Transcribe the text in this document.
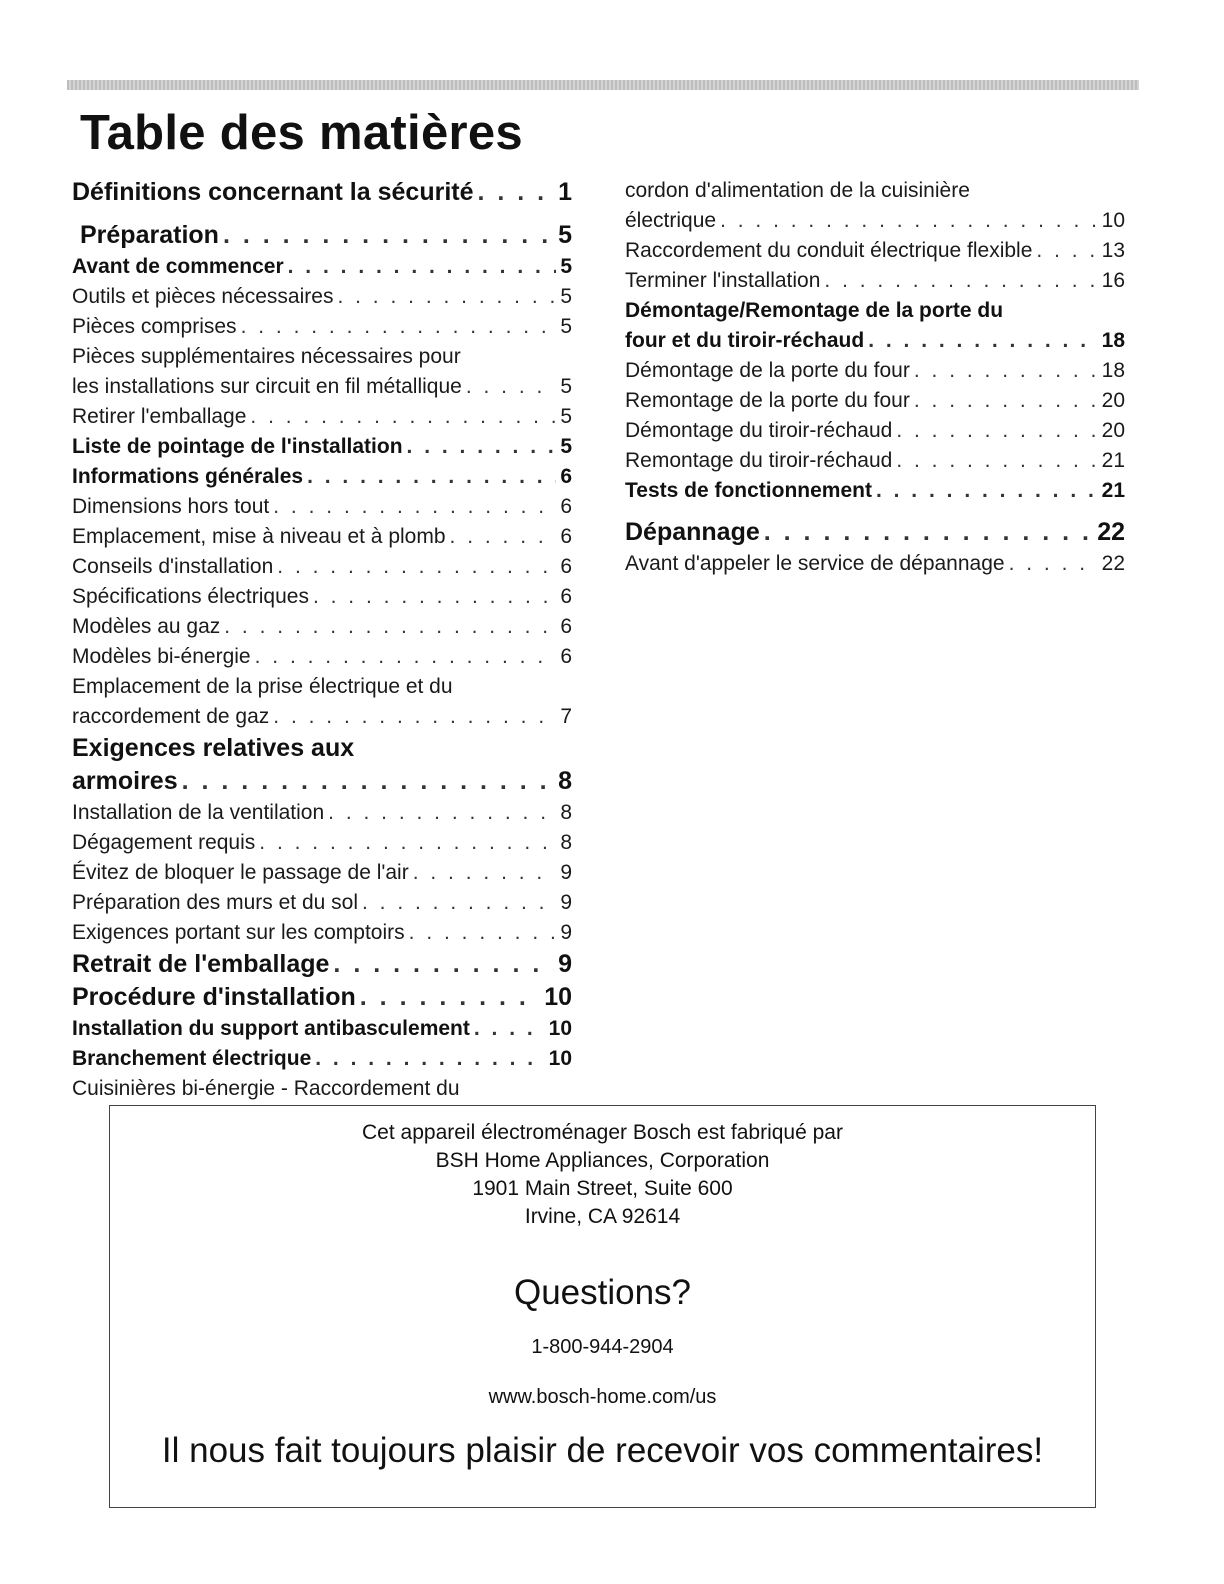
Table des matières
Définitions concernant la sécurité . . .	1
Préparation . . .	5
Avant de commencer . . .	5
Outils et pièces nécessaires . . .	5
Pièces comprises . . .	5
Pièces supplémentaires nécessaires pour
les installations sur circuit en fil métallique . . .	5
Retirer l'emballage . . .	5
Liste de pointage de l'installation . . .	5
Informations générales . . .	6
Dimensions hors tout . . .	6
Emplacement, mise à niveau et à plomb . . .	6
Conseils d'installation . . .	6
Spécifications électriques . . .	6
Modèles au gaz . . .	6
Modèles bi-énergie . . .	6
Emplacement de la prise électrique et du
raccordement de gaz . . .	7
Exigences relatives aux
armoires . . .	8
Installation de la ventilation . . .	8
Dégagement requis . . .	8
Évitez de bloquer le passage de l'air . . .	9
Préparation des murs et du sol . . .	9
Exigences portant sur les comptoirs . . .	9
Retrait de l'emballage . . .	9
Procédure d'installation . . .	10
Installation du support antibasculement . . .	10
Branchement électrique . . .	10
Cuisinières bi-énergie - Raccordement du
cordon d'alimentation de la cuisinière
électrique . . .	10
Raccordement du conduit électrique flexible . . .	13
Terminer l'installation . . .	16
Démontage/Remontage de la porte du
four et du tiroir-réchaud . . .	18
Démontage de la porte du four . . .	18
Remontage de la porte du four . . .	20
Démontage du tiroir-réchaud . . .	20
Remontage du tiroir-réchaud . . .	21
Tests de fonctionnement . . .	21
Dépannage . . .	22
Avant d'appeler le service de dépannage . . .	22
Cet appareil électroménager Bosch est fabriqué par
BSH Home Appliances, Corporation
1901 Main Street, Suite 600
Irvine, CA 92614
Questions?
1-800-944-2904
www.bosch-home.com/us
Il nous fait toujours plaisir de recevoir vos commentaires!
